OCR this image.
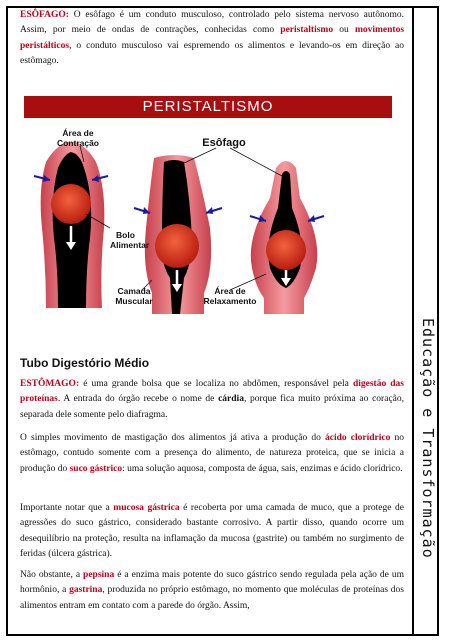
Educação e Transformação

ESÔFAGO: O esôfago é um conduto musculoso, controlado pelo sistema nervoso autônomo. Assim, por meio de ondas de contrações, conhecidas como peristaltismo ou movimentos peristálticos, o conduto musculoso vai espremendo os alimentos e levando-os em direção ao estômago.

PERISTALTISMO
Área de
Contração	Esôfago
Bolo
Alimentar
Camada
Muscular
Área de
Relaxamento
Tubo Digestório Médio

ESTÔMAGO: é uma grande bolsa que se localiza no abdômen, responsável pela digestão das proteínas. A entrada do órgão recebe o nome de cárdia, porque fica muito próxima ao coração, separada dele somente pelo diafragma.

O simples movimento de mastigação dos alimentos já ativa a produção do ácido clorídrico no estômago, contudo somente com a presença do alimento, de natureza proteica, que se inicia a produção do suco gástrico: uma solução aquosa, composta de água, sais, enzimas e ácido clorídrico.

Importante notar que a mucosa gástrica é recoberta por uma camada de muco, que a protege de agressões do suco gástrico, considerado bastante corrosivo. A partir disso, quando ocorre um desequilíbrio na proteção, resulta na inflamação da mucosa (gastrite) ou também no surgimento de feridas (úlcera gástrica).

Não obstante, a pepsina é a enzima mais potente do suco gástrico sendo regulada pela ação de um hormônio, a gastrina, produzida no próprio estômago, no momento que moléculas de proteínas dos alimentos entram em contato com a parede do órgão. Assim,
